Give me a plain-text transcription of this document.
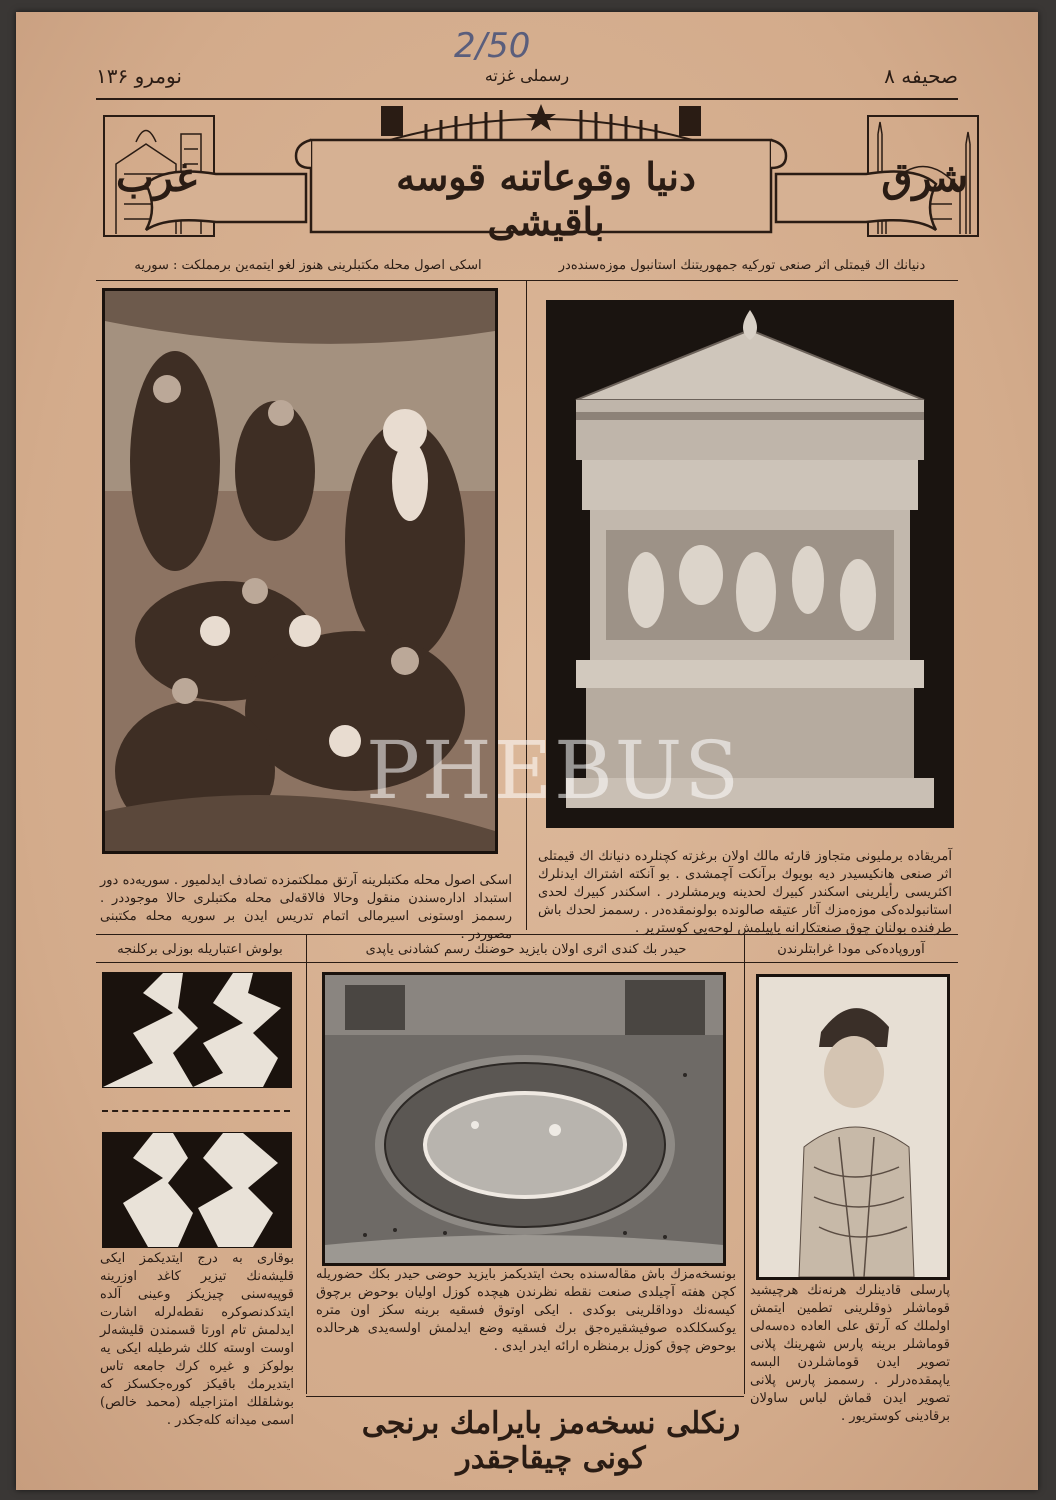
2/50
صحیفه ۸
رسملی غزته
نومرو ۱۳۶
دنیا وقوعاتنه قوسه باقیشی
شرق
غرب
دنیانك اك قیمتلی اثر صنعی تورکیه جمهوریتنك استانبول موزه‌سنده‌در
اسكی اصول محله مكتبلرینی هنوز لغو ایتمه‌ین برمملكت : سوریه
آمریقاده برملیونی متجاوز قارئه مالك اولان برغزته كچنلرده دنیانك اك قیمتلی اثر صنعی هانكیسیدر دیه بویوك برآنكت آچمشدی . بو آنكته اشتراك ایدنلرك اكثریسی رأیلرینی اسكندر كبیرك لحدینه ویرمشلردر . اسكندر كبیرك لحدی استانبولده‌كی موزه‌مزك آثار عتیقه صالونده بولونمقده‌در . رسممز لحدك باش طرفنده بولنان چوق صنعتكارانه یاپیلمش لوحه‌یی كوستریر .
اسكی اصول محله مكتبلرینه آرتق مملكتمزده تصادف ایدلمیور . سوریه‌ده دور استبداد اداره‌سندن منقول وحالا فالاقه‌لی محله مكتبلری حالا موجوددر . رسممز اوستونی اسیرمالی اتمام تدریس ایدن بر سوریه محله مكتبنی مصوردر .
بولوش اعتباریله بوزلی برکلنجه	حیدر بك كندی اثری اولان بایزید حوضنك رسم كشادنی یاپدی	آوروپاده‌كی مودا غرابتلرندن
بوقاری به درج ایتدیكمز ایکی قلیشه‌نك تیزیر كاغد اوزرینه قوپیه‌سنی چیزیكز وعینی آلده ایتدكدنصوكره نقطه‌لرله اشارت ایدلمش تام اورتا قسمندن قلیشه‌لر اوست اوسته كلك شرطیله ایکی یه بولوكز و غیره كرك جامعه تاس ایتدیرمك باقیكز كوره‌جكسكز که بوشلقلك امتزاجیله (محمد خالص) اسمی میدانه كله‌جكدر .
بونسخه‌مزك باش مقاله‌سنده بحث ایتدیكمز بایزید حوضی حیدر بكك حضوریله كچن هفته آچیلدی صنعت نقطه نظرندن هیچده كوزل اولیان بوحوض برچوق كیسه‌نك دوداقلرینی بوكدی . ایکی اوتوق فسقیه برینه سكز اون متره یوكسكلكده صوفیشقیره‌جق برك فسقیه وضع ایدلمش اولسه‌یدی هرحالده بوحوض چوق كوزل برمنظره ارائه ایدر ایدی .
پارسلی قادینلرك هرنه‌نك هرچیشید قوماشلر ذوقلرینی تطمین ایتمش اولملك كه آرتق علی العاده ده‌سه‌لی قوماشلر برینه پارس شهرینك پلانی تصویر ایدن قوماشلردن البسه یاپمقده‌درلر . رسممز پارس پلانی تصویر ایدن قماش لباس ساولان برقادینی كوستریور .
رنكلی نسخه‌مز بایرامك برنجی كونی چیقاجقدر
PHEBUS
